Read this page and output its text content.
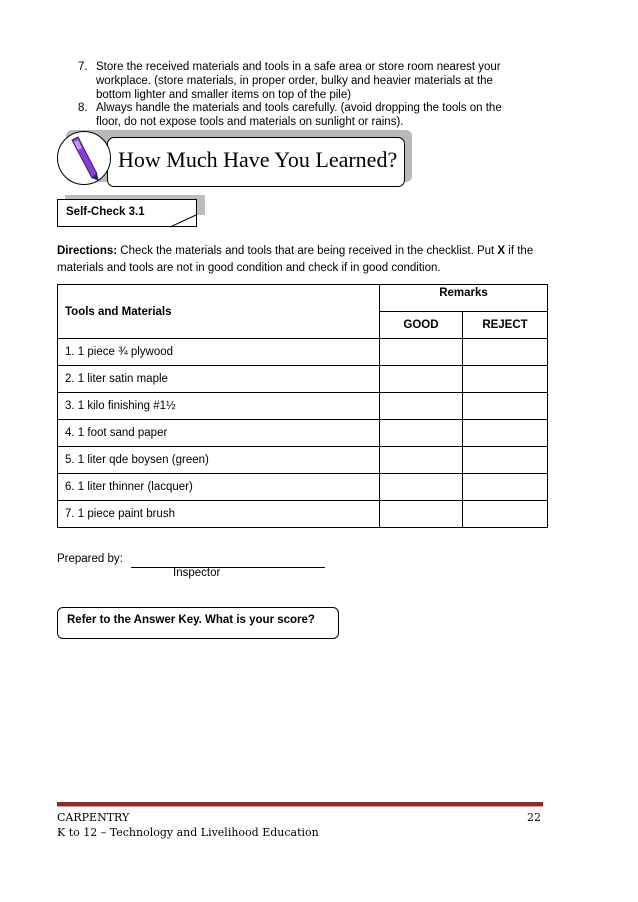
7. Store the received materials and tools in a safe area or store room nearest your workplace. (store materials, in proper order, bulky and heavier materials at the bottom lighter and smaller items on top of the pile)
8. Always handle the materials and tools carefully. (avoid dropping the tools on the floor, do not expose tools and materials on sunlight or rains).
How Much Have You Learned?
Self-Check 3.1
Directions: Check the materials and tools that are being received in the checklist. Put X if the materials and tools are not in good condition and check if in good condition.
Tools and Materials	Remarks	
	GOOD	REJECT
1. 1 piece ¾ plywood		
2. 1 liter satin maple		
3. 1 kilo finishing #1½		
4. 1 foot sand paper		
5. 1 liter qde boysen (green)		
6. 1 liter thinner (lacquer)		
7. 1 piece paint brush		
Prepared by:
Inspector
Refer to the Answer Key. What is your score?
CARPENTRY
K to 12 – Technology and Livelihood Education
22
